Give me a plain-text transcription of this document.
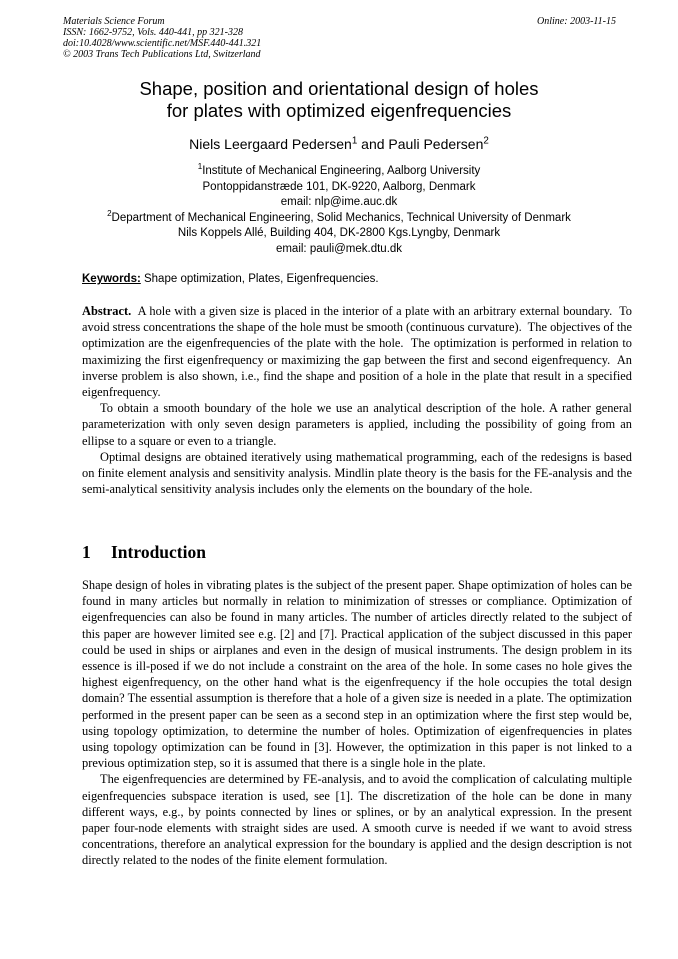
Materials Science Forum
ISSN: 1662-9752, Vols. 440-441, pp 321-328
doi:10.4028/www.scientific.net/MSF.440-441.321
© 2003 Trans Tech Publications Ltd, Switzerland
Online: 2003-11-15
Shape, position and orientational design of holes
for plates with optimized eigenfrequencies
Niels Leergaard Pedersen$^1$ and Pauli Pedersen$^2$
$^1$Institute of Mechanical Engineering, Aalborg University
Pontoppidanstræde 101, DK-9220, Aalborg, Denmark
email: nlp@ime.auc.dk
$^2$Department of Mechanical Engineering, Solid Mechanics, Technical University of Denmark
Nils Koppels Allé, Building 404, DK-2800 Kgs.Lyngby, Denmark
email: pauli@mek.dtu.dk
Keywords: Shape optimization, Plates, Eigenfrequencies.

Abstract.  A hole with a given size is placed in the interior of a plate with an arbitrary external boundary.  To avoid stress concentrations the shape of the hole must be smooth (continuous curvature).  The objectives of the optimization are the eigenfrequencies of the plate with the hole.  The optimization is performed in relation to maximizing the first eigenfrequency or maximizing the gap between the first and second eigenfrequency.  An inverse problem is also shown, i.e., find the shape and position of a hole in the plate that result in a specified eigenfrequency.

To obtain a smooth boundary of the hole we use an analytical description of the hole. A rather general parameterization with only seven design parameters is applied, including the possibility of going from an ellipse to a square or even to a triangle.

Optimal designs are obtained iteratively using mathematical programming, each of the redesigns is based on finite element analysis and sensitivity analysis. Mindlin plate theory is the basis for the FE-analysis and the semi-analytical sensitivity analysis includes only the elements on the boundary of the hole.

1 Introduction

Shape design of holes in vibrating plates is the subject of the present paper. Shape optimization of holes can be found in many articles but normally in relation to minimization of stresses or compliance. Optimization of eigenfrequencies can also be found in many articles. The number of articles directly related to the subject of this paper are however limited see e.g. [2] and [7]. Practical application of the subject discussed in this paper could be used in ships or airplanes and even in the design of musical instruments. The design problem in its essence is ill-posed if we do not include a constraint on the area of the hole. In some cases no hole gives the highest eigenfrequency, on the other hand what is the eigenfrequency if the hole occupies the total design domain? The essential assumption is therefore that a hole of a given size is needed in a plate. The optimization performed in the present paper can be seen as a second step in an optimization where the first step would be, using topology optimization, to determine the number of holes. Optimization of eigenfrequencies in plates using topology optimization can be found in [3]. However, the optimization in this paper is not linked to a previous optimization step, so it is assumed that there is a single hole in the plate.

The eigenfrequencies are determined by FE-analysis, and to avoid the complication of calculating multiple eigenfrequencies subspace iteration is used, see [1]. The discretization of the hole can be done in many different ways, e.g., by points connected by lines or splines, or by an analytical expression. In the present paper four-node elements with straight sides are used. A smooth curve is needed if we want to avoid stress concentrations, therefore an analytical expression for the boundary is applied and the design description is not directly related to the nodes of the finite element formulation.
